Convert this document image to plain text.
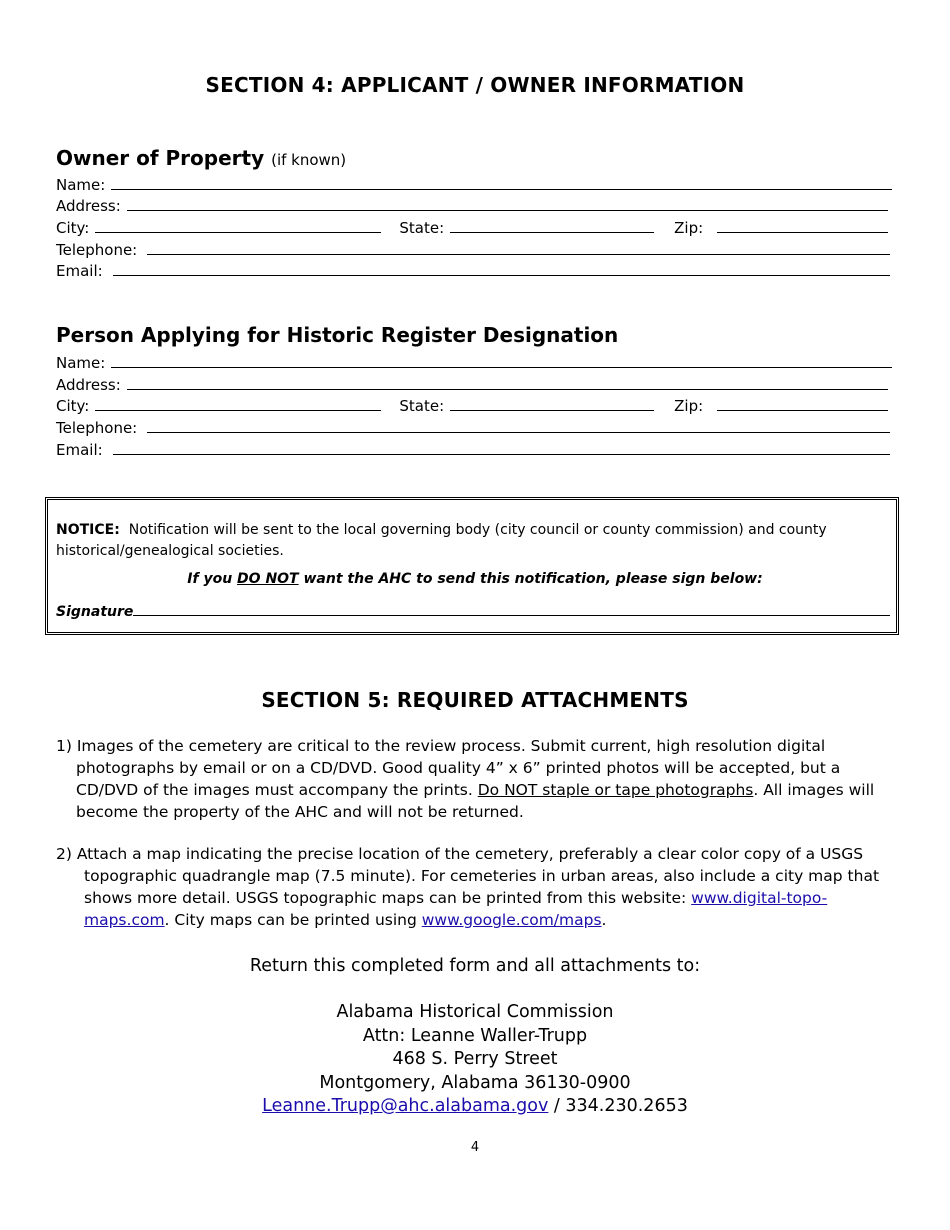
SECTION 4: APPLICANT / OWNER INFORMATION
Owner of Property (if known)
Name:
Address:
City:	State:	Zip:
Telephone:
Email:
Person Applying for Historic Register Designation
Name:
Address:
City:	State:	Zip:
Telephone:
Email:
NOTICE: Notification will be sent to the local governing body (city council or county commission) and county historical/genealogical societies.
If you DO NOT want the AHC to send this notification, please sign below:
Signature
SECTION 5: REQUIRED ATTACHMENTS
1) Images of the cemetery are critical to the review process. Submit current, high resolution digital photographs by email or on a CD/DVD. Good quality 4” x 6” printed photos will be accepted, but a CD/DVD of the images must accompany the prints. Do NOT staple or tape photographs. All images will become the property of the AHC and will not be returned.
2) Attach a map indicating the precise location of the cemetery, preferably a clear color copy of a USGS topographic quadrangle map (7.5 minute). For cemeteries in urban areas, also include a city map that shows more detail. USGS topographic maps can be printed from this website: www.digital-topo-maps.com. City maps can be printed using www.google.com/maps.
Return this completed form and all attachments to:
Alabama Historical Commission
Attn: Leanne Waller-Trupp
468 S. Perry Street
Montgomery, Alabama 36130-0900
Leanne.Trupp@ahc.alabama.gov / 334.230.2653
4
